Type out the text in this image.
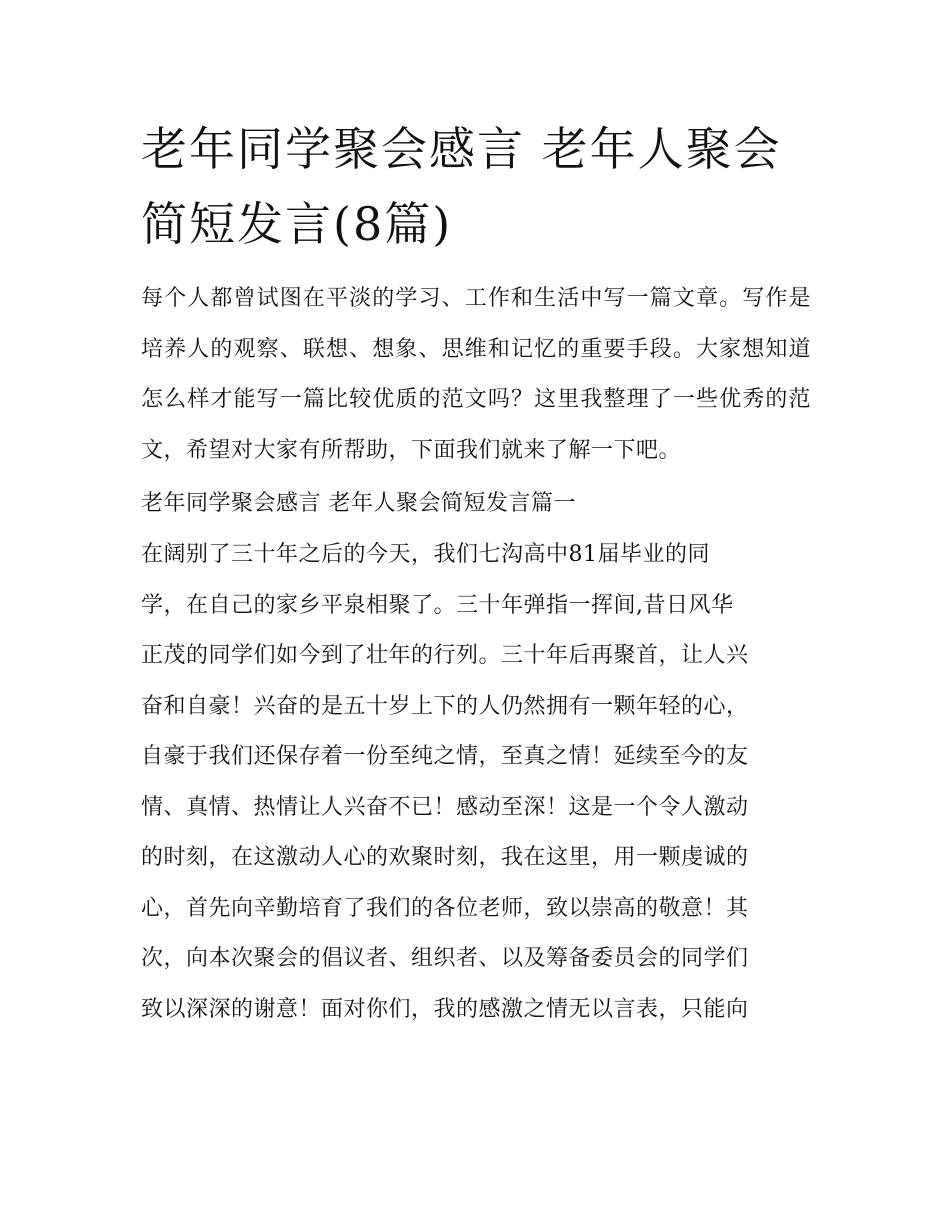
老年同学聚会感言 老年人聚会简短发言(8篇)

每个人都曾试图在平淡的学习、工作和生活中写一篇文章。写作是培养人的观察、联想、想象、思维和记忆的重要手段。大家想知道怎么样才能写一篇比较优质的范文吗？这里我整理了一些优秀的范文，希望对大家有所帮助，下面我们就来了解一下吧。

老年同学聚会感言 老年人聚会简短发言篇一
在阔别了三十年之后的今天，我们七沟高中81届毕业的同
学，在自己的家乡平泉相聚了。三十年弹指一挥间,昔日风华
正茂的同学们如今到了壮年的行列。三十年后再聚首，让人兴
奋和自豪！兴奋的是五十岁上下的人仍然拥有一颗年轻的心，
自豪于我们还保存着一份至纯之情，至真之情！延续至今的友
情、真情、热情让人兴奋不已！感动至深！这是一个令人激动
的时刻，在这激动人心的欢聚时刻，我在这里，用一颗虔诚的
心，首先向辛勤培育了我们的各位老师，致以崇高的敬意！其
次，向本次聚会的倡议者、组织者、以及筹备委员会的同学们
致以深深的谢意！面对你们，我的感激之情无以言表，只能向
